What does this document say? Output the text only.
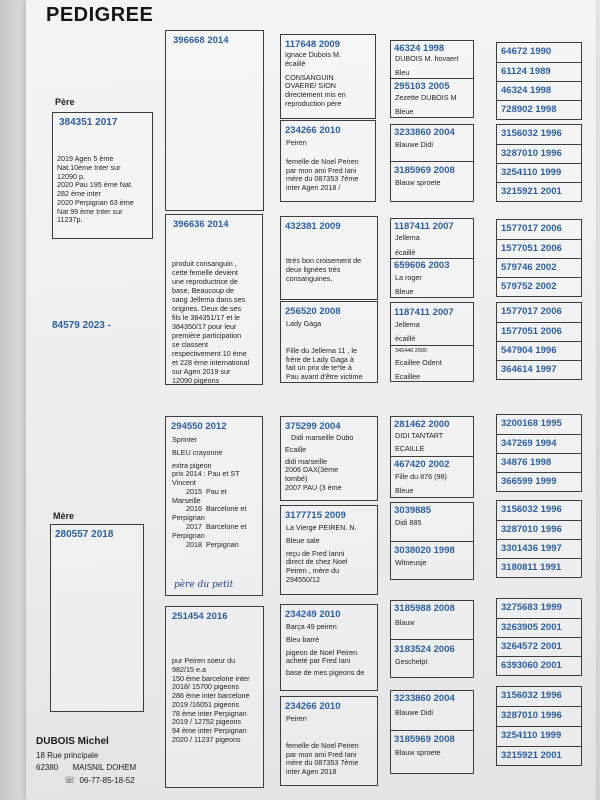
PEDIGREE
Père
384351 2017
2019 Agen 5 ème
Nat.10ème Inter sur
12090 p.
2020 Pau 195 ème Nat.
282 ème inter
2020 Perpignan 63 ème
Nat 99 ème Inter sur
11237p.
84579 2023 -
Mère
280557 2018
396668 2014
396636 2014
produit consanguin ,
cette femelle devient
une reproductrice de
base, Beaucoup de
sang Jellema dans ses
origines. Deux de ses
fils le 384351/17 et le
384350/17 pour leur
première participation
se classent
respectivement 10 ème
et 228 ème international
sur Agen 2019 sur
12090 pigeons
294550 2012
Sprinter
BLEU crayonne
extra pigeon
prix 2014 : Pau et ST
Vincent
2015  Pau et
Marseille
2016  Barcelone et
Perpignan
2017  Barcelone et
Perpignan
2018  Perpignan
père du petit
251454 2016
pur Peiren soeur du
982/15 e.a
150 ème barcelone inter
2018/ 15700 pigeons
286 ème inter barcelone
2019 /16051 pigeons
78 ème inter Perpignan
2019 / 12752 pigeons
94 ème inter Perpignan
2020 / 11237 pigeons
117648 2009
Ignace Dubois M.
écaillé
CONSANGUIN
OVAERE/ SION
directement mis en
reproduction père
234266 2010
Peiren
femelle de Noel Peiren
par mon ami Fred Iani
mère du 087353 7ème
inter Agen 2018 /
432381 2009
ttrès bon croisement de
deux lignées très
consanguines,
256520 2008
Lady Gaga
Fille du Jellema 11 , le
frère de Lady Gaga à
fait un prix de te*te à
Pau avant d'être victime
375299 2004
Didi marseille Dubo
Ecaille
didi marseille
2006 DAX(3ème
tombé)
2007 PAU (3 ème
3177715 2009
La Vierge PEIREN. N.
Bleue sale
reçu de Fred Ianni
direct de chez Noel
Peiren , mère du
294550/12
234249 2010
Barça 49 peiren
Bleu barré
pigeon de Noel Peiren
acheté par Fred Iani
base de mes pigeons de
234266 2010
Peiren
femelle de Noel Peiren
par mon ami Fred Iani
mère du 087353 7ème
inter Agen 2018
46324 1998
DUBOIS M. hovaert
Bleu
295103 2005
Zezette DUBOIS M
Bleue
3233860 2004
Blauwe Didi
3185969 2008
Blauw sproete
1187411 2007
Jellema
écaillé
659606 2003
La roger
Bleue
1187411 2007
Jellema
écaillé
345446 2000
Ecaillee Odent
Ecaillee
281462 2000
DIDI TANTART
ECAILLE
467420 2002
Fille du 876 (98)
Bleue
3039885
Didi 885
3038020 1998
Witneusje
3185988 2008
Blauw
3183524 2006
Geschelpt
3233860 2004
Blauwe Didi
3185969 2008
Blauw sproete
64672 1990
61124 1989
46324 1998
728902 1998
3156032 1996
3287010 1996
3254110 1999
3215921 2001
1577017 2006
1577051 2006
579746 2002
579752 2002
1577017 2006
1577051 2006
547904 1996
364614 1997
3200168 1995
347269 1994
34876 1998
366599 1999
3156032 1996
3287010 1996
3301436 1997
3180811 1991
3275683 1999
3263905 2001
3264572 2001
6393060 2001
3156032 1996
3287010 1996
3254110 1999
3215921 2001
DUBOIS Michel
18 Rue principale
62380 MAISNIL DOHEM
☏ 06-77-85-18-52
